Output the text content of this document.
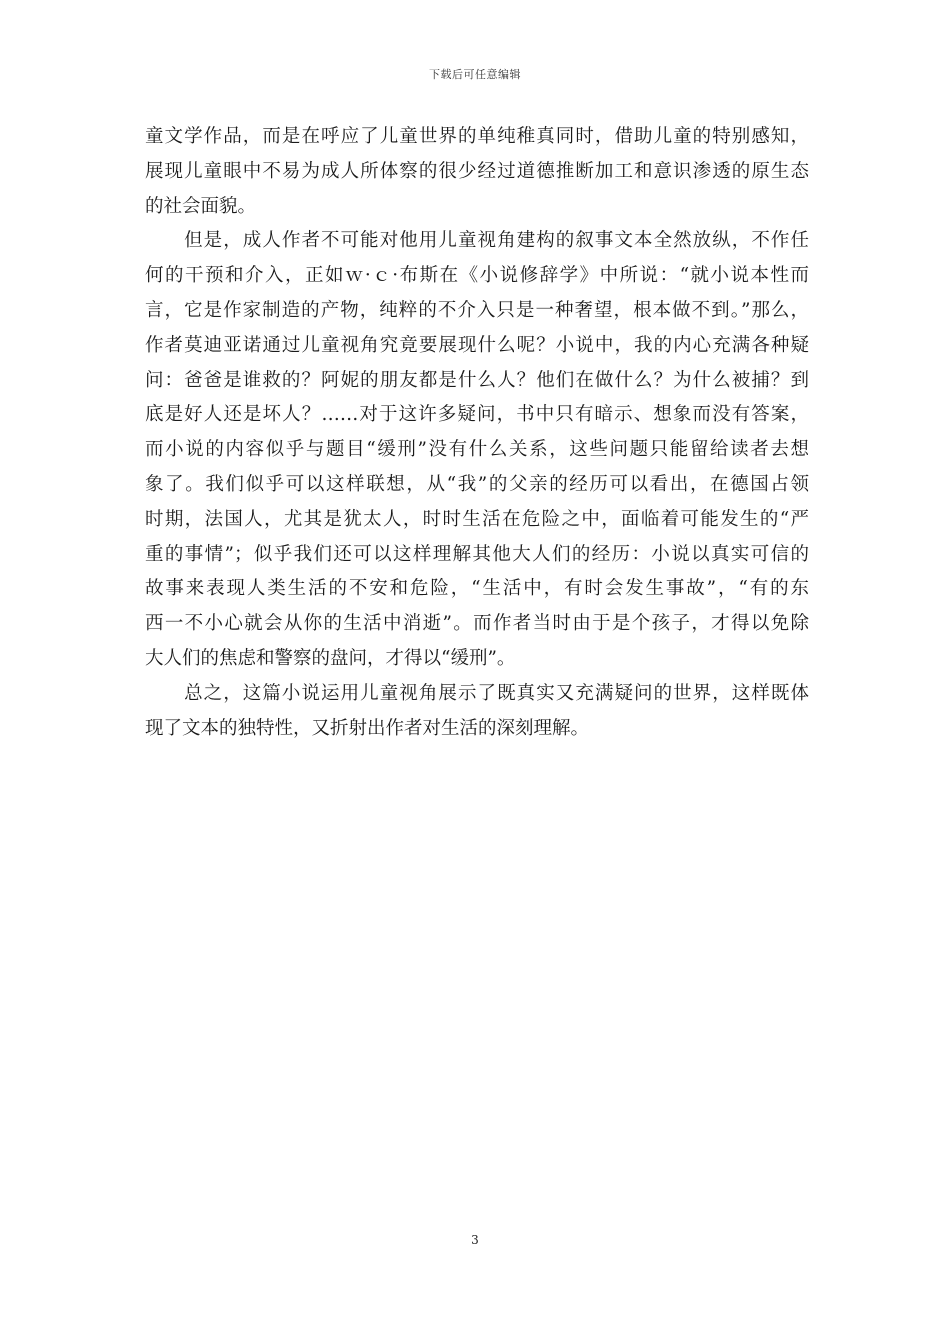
下载后可任意编辑
童文学作品，而是在呼应了儿童世界的单纯稚真同时，借助儿童的特别感知，
展现儿童眼中不易为成人所体察的很少经过道德推断加工和意识渗透的原生态
的社会面貌。
　　但是，成人作者不可能对他用儿童视角建构的叙事文本全然放纵，不作任
何的干预和介入，正如ｗ·ｃ·布斯在《小说修辞学》中所说：“就小说本性而
言，它是作家制造的产物，纯粹的不介入只是一种奢望，根本做不到。”那么，
作者莫迪亚诺通过儿童视角究竟要展现什么呢？小说中，我的内心充满各种疑
问：爸爸是谁救的？阿妮的朋友都是什么人？他们在做什么？为什么被捕？到
底是好人还是坏人？……对于这许多疑问，书中只有暗示、想象而没有答案，
而小说的内容似乎与题目“缓刑”没有什么关系，这些问题只能留给读者去想
象了。我们似乎可以这样联想，从“我”的父亲的经历可以看出，在德国占领
时期，法国人，尤其是犹太人，时时生活在危险之中，面临着可能发生的“严
重的事情”；似乎我们还可以这样理解其他大人们的经历：小说以真实可信的
故事来表现人类生活的不安和危险，“生活中，有时会发生事故”，“有的东
西一不小心就会从你的生活中消逝”。而作者当时由于是个孩子，才得以免除
大人们的焦虑和警察的盘问，才得以“缓刑”。
　　总之，这篇小说运用儿童视角展示了既真实又充满疑问的世界，这样既体
现了文本的独特性，又折射出作者对生活的深刻理解。
3
